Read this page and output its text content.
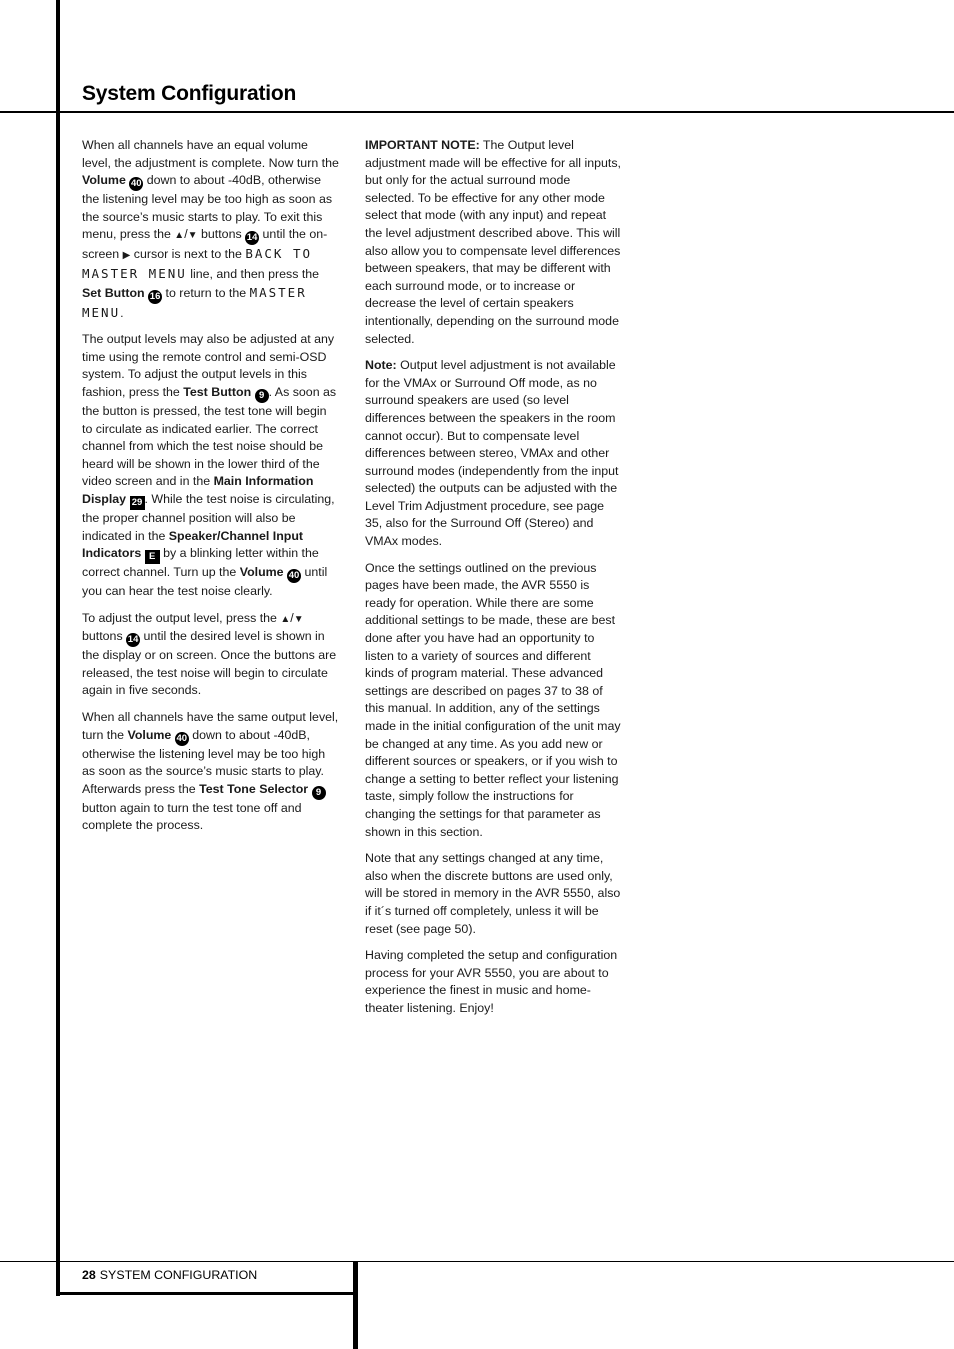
System Configuration

When all channels have an equal volume level, the adjustment is complete. Now turn the Volume 40 down to about -40dB, otherwise the listening level may be too high as soon as the source’s music starts to play. To exit this menu, press the ▲/▼ buttons 14 until the on-screen ▶ cursor is next to the BACK TO MASTER MENU line, and then press the Set Button 16 to return to the MASTER MENU.

The output levels may also be adjusted at any time using the remote control and semi-OSD system. To adjust the output levels in this fashion, press the Test Button 9 . As soon as the button is pressed, the test tone will begin to circulate as indicated earlier. The correct channel from which the test noise should be heard will be shown in the lower third of the video screen and in the Main Information Display 29 . While the test noise is circulating, the proper channel position will also be indicated in the Speaker/Channel Input Indicators E by a blinking letter within the correct channel. Turn up the Volume 40 until you can hear the test noise clearly.

To adjust the output level, press the ▲/▼ buttons 14 until the desired level is shown in the display or on screen. Once the buttons are released, the test noise will begin to circulate again in five seconds.

When all channels have the same output level, turn the Volume 40 down to about -40dB, otherwise the listening level may be too high as soon as the source’s music starts to play. Afterwards press the Test Tone Selector 9 button again to turn the test tone off and complete the process.

IMPORTANT NOTE: The Output level adjustment made will be effective for all inputs, but only for the actual surround mode selected. To be effective for any other mode select that mode (with any input) and repeat the level adjustment described above. This will also allow you to compensate level differences between speakers, that may be different with each surround mode, or to increase or decrease the level of certain speakers intentionally, depending on the surround mode selected.

Note: Output level adjustment is not available for the VMAx or Surround Off mode, as no surround speakers are used (so level differences between the speakers in the room cannot occur). But to compensate level differences between stereo, VMAx and other surround modes (independently from the input selected) the outputs can be adjusted with the Level Trim Adjustment procedure, see page 35, also for the Surround Off (Stereo) and VMAx modes.

Once the settings outlined on the previous pages have been made, the AVR 5550 is ready for operation. While there are some additional settings to be made, these are best done after you have had an opportunity to listen to a variety of sources and different kinds of program material. These advanced settings are described on pages 37 to 38 of this manual. In addition, any of the settings made in the initial configuration of the unit may be changed at any time. As you add new or different sources or speakers, or if you wish to change a setting to better reflect your listening taste, simply follow the instructions for changing the settings for that parameter as shown in this section.

Note that any settings changed at any time, also when the discrete buttons are used only, will be stored in memory in the AVR 5550, also if it´s turned off completely, unless it will be reset (see page 50).

Having completed the setup and configuration process for your AVR 5550, you are about to experience the finest in music and home-theater listening. Enjoy!

28 SYSTEM CONFIGURATION
